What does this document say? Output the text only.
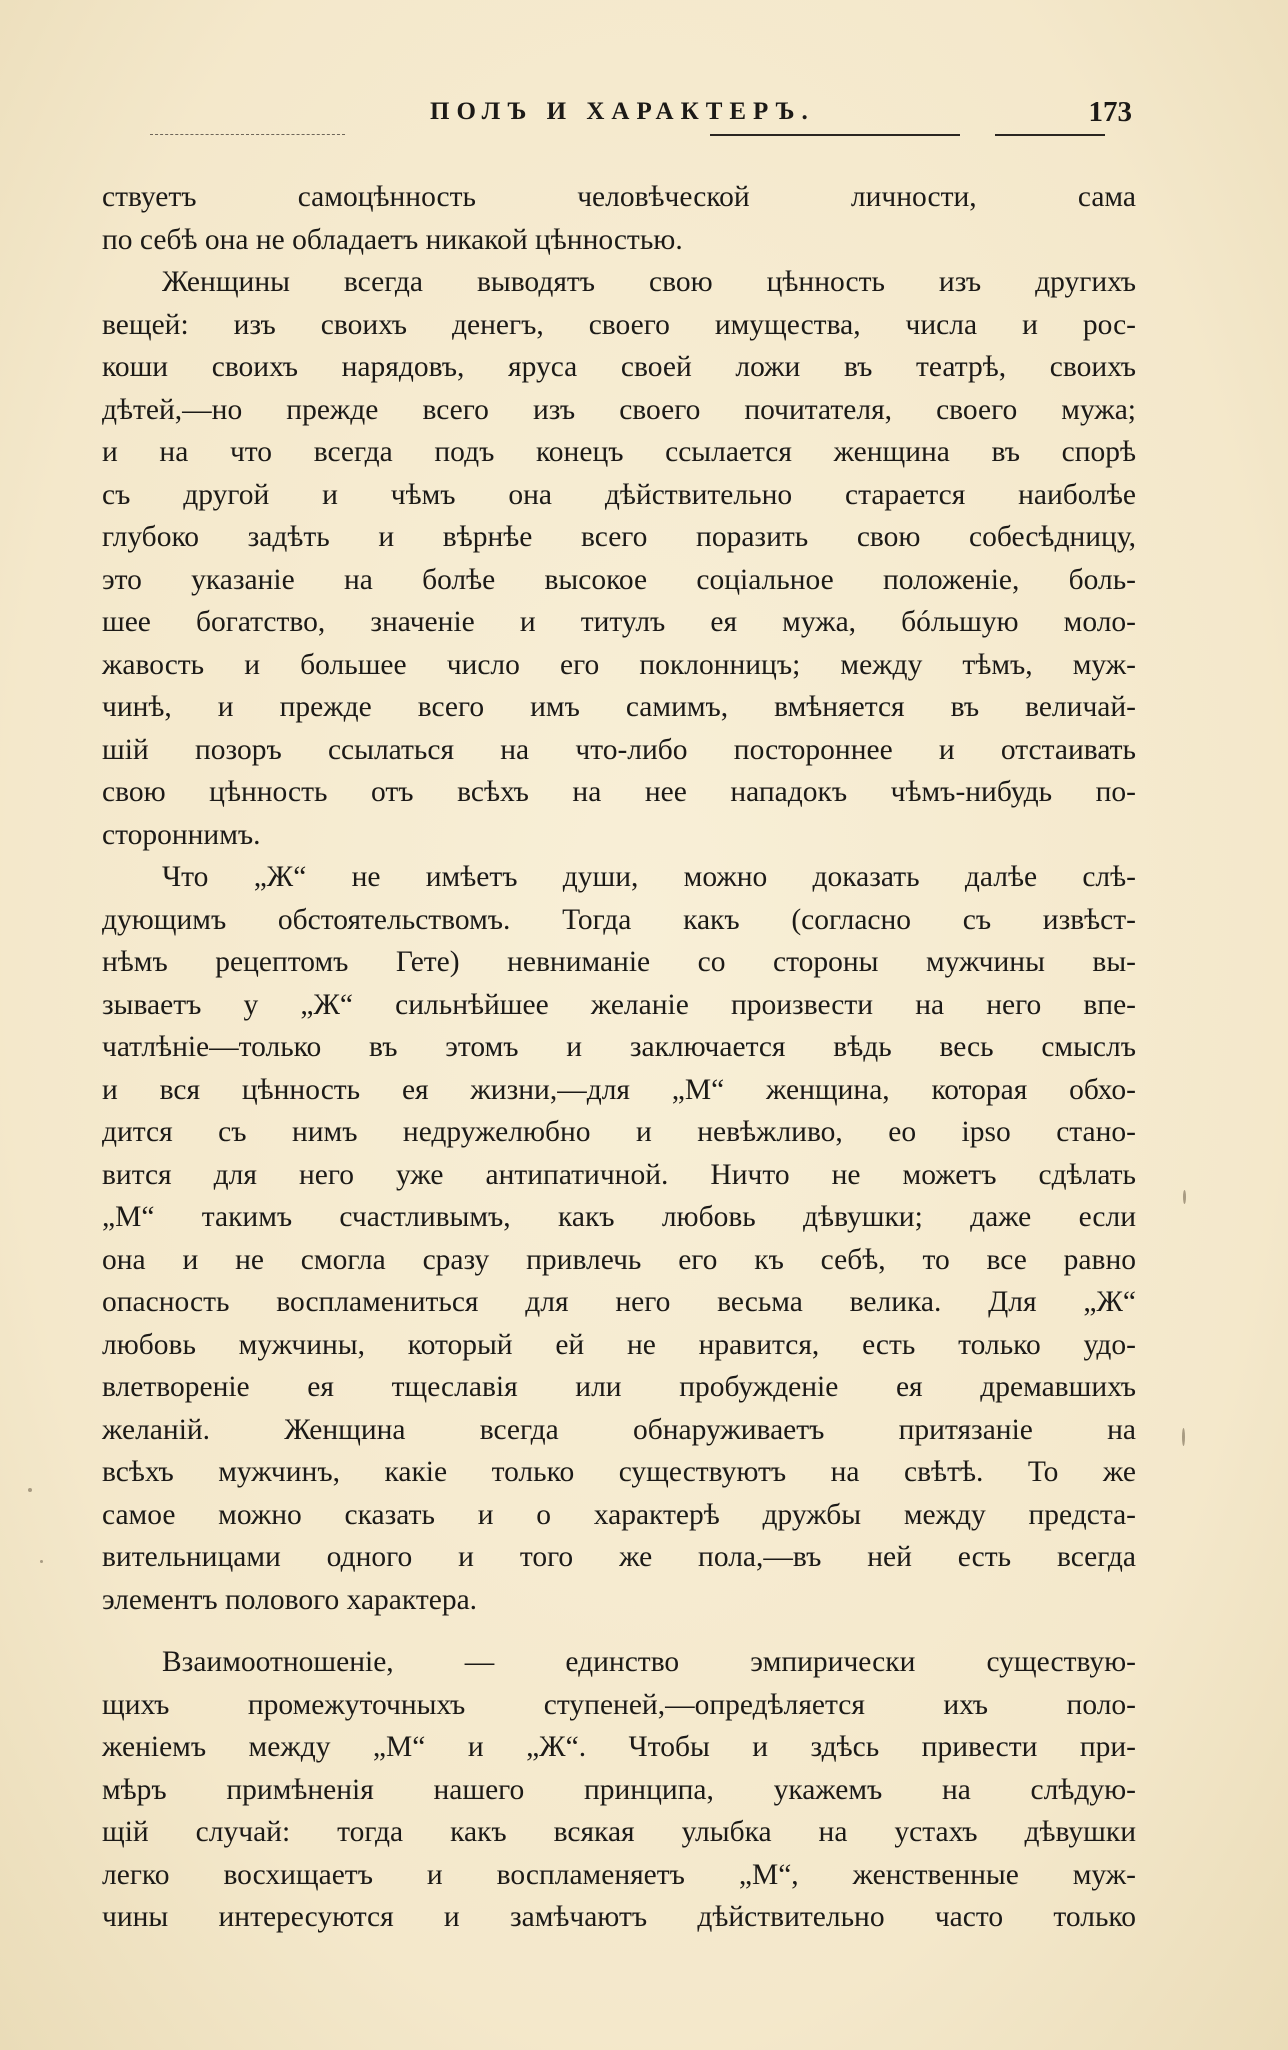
ПОЛЪ И ХАРАКТЕРЪ.	173
ствуетъ самоцѣнность человѣческой личности, сама
по себѣ она не обладаетъ никакой цѣнностью.
Женщины всегда выводятъ свою цѣнность изъ другихъ
вещей: изъ своихъ денегъ, своего имущества, числа и рос-
коши своихъ нарядовъ, яруса своей ложи въ театрѣ, своихъ
дѣтей,—но прежде всего изъ своего почитателя, своего мужа;
и на что всегда подъ конецъ ссылается женщина въ спорѣ
съ другой и чѣмъ она дѣйствительно старается наиболѣе
глубоко задѣть и вѣрнѣе всего поразить свою собесѣдницу,
это указаніе на болѣе высокое соціальное положеніе, боль-
шее богатство, значеніе и титулъ ея мужа, бóльшую моло-
жавость и большее число его поклонницъ; между тѣмъ, муж-
чинѣ, и прежде всего имъ самимъ, вмѣняется въ величай-
шій позоръ ссылаться на что-либо постороннее и отстаивать
свою цѣнность отъ всѣхъ на нее нападокъ чѣмъ-нибудь по-
стороннимъ.
Что „Ж“ не имѣетъ души, можно доказать далѣе слѣ-
дующимъ обстоятельствомъ. Тогда какъ (согласно съ извѣст-
нѣмъ рецептомъ Гете) невниманіе со стороны мужчины вы-
зываетъ у „Ж“ сильнѣйшее желаніе произвести на него впе-
чатлѣніе—только въ этомъ и заключается вѣдь весь смыслъ
и вся цѣнность ея жизни,—для „М“ женщина, которая обхо-
дится съ нимъ недружелюбно и невѣжливо, eo ipso стано-
вится для него уже антипатичной. Ничто не можетъ сдѣлать
„М“ такимъ счастливымъ, какъ любовь дѣвушки; даже если
она и не смогла сразу привлечь его къ себѣ, то все равно
опасность воспламениться для него весьма велика. Для „Ж“
любовь мужчины, который ей не нравится, есть только удо-
влетвореніе ея тщеславія или пробужденіе ея дремавшихъ
желаній. Женщина всегда обнаруживаетъ притязаніе на
всѣхъ мужчинъ, какіе только существуютъ на свѣтѣ. То же
самое можно сказать и о характерѣ дружбы между предста-
вительницами одного и того же пола,—въ ней есть всегда
элементъ полового характера.
Взаимоотношеніе, — единство эмпирически существую-
щихъ промежуточныхъ ступеней,—опредѣляется ихъ поло-
женіемъ между „М“ и „Ж“. Чтобы и здѣсь привести при-
мѣръ примѣненія нашего принципа, укажемъ на слѣдую-
щій случай: тогда какъ всякая улыбка на устахъ дѣвушки
легко восхищаетъ и воспламеняетъ „М“, женственные муж-
чины интересуются и замѣчаютъ дѣйствительно часто только
